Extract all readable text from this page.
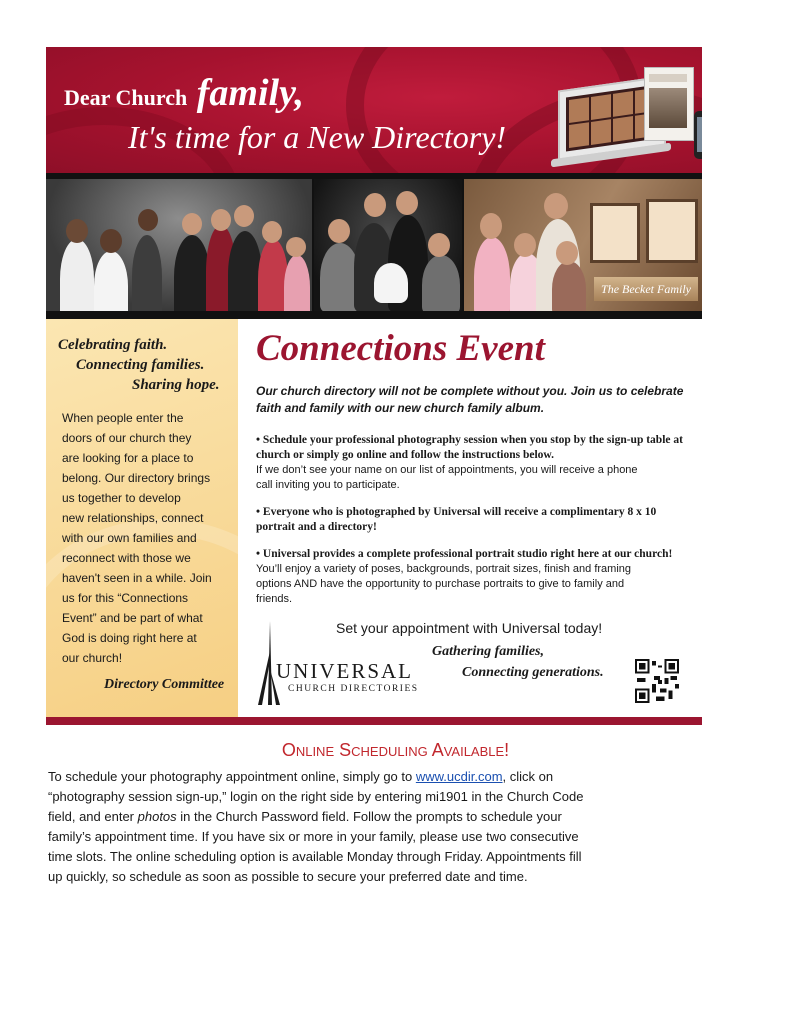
Dear Church family,
It's time for a New Directory!
The Becket Family
Celebrating faith.
Connecting families.
Sharing hope.
When people enter the
doors of our church they
are looking for a place to
belong. Our directory brings
us together to develop
new relationships, connect
with our own families and
reconnect with those we
haven't seen in a while. Join
us for this “Connections
Event” and be part of what
God is doing right here at
our church!
Directory Committee
Connections Event
Our church directory will not be complete without you. Join us to celebrate
faith and family with our new church family album.
• Schedule your professional photography session when you stop by the sign-up table at
church or simply go online and follow the instructions below.
If we don’t see your name on our list of appointments, you will receive a phone
call inviting you to participate.
• Everyone who is photographed by Universal will receive a complimentary 8 x 10
portrait and a directory!
• Universal provides a complete professional portrait studio right here at our church!
You’ll enjoy a variety of poses, backgrounds, portrait sizes, finish and framing
options AND have the opportunity to purchase portraits to give to family and
friends.
Set your appointment with Universal today!
UNIVERSAL
CHURCH DIRECTORIES
Gathering families,
Connecting generations.
Online Scheduling Available!
To schedule your photography appointment online, simply go to www.ucdir.com, click on
“photography session sign-up,” login on the right side by entering mi1901 in the Church Code
field, and enter photos in the Church Password field. Follow the prompts to schedule your
family’s appointment time. If you have six or more in your family, please use two consecutive
time slots. The online scheduling option is available Monday through Friday. Appointments fill
up quickly, so schedule as soon as possible to secure your preferred date and time.
